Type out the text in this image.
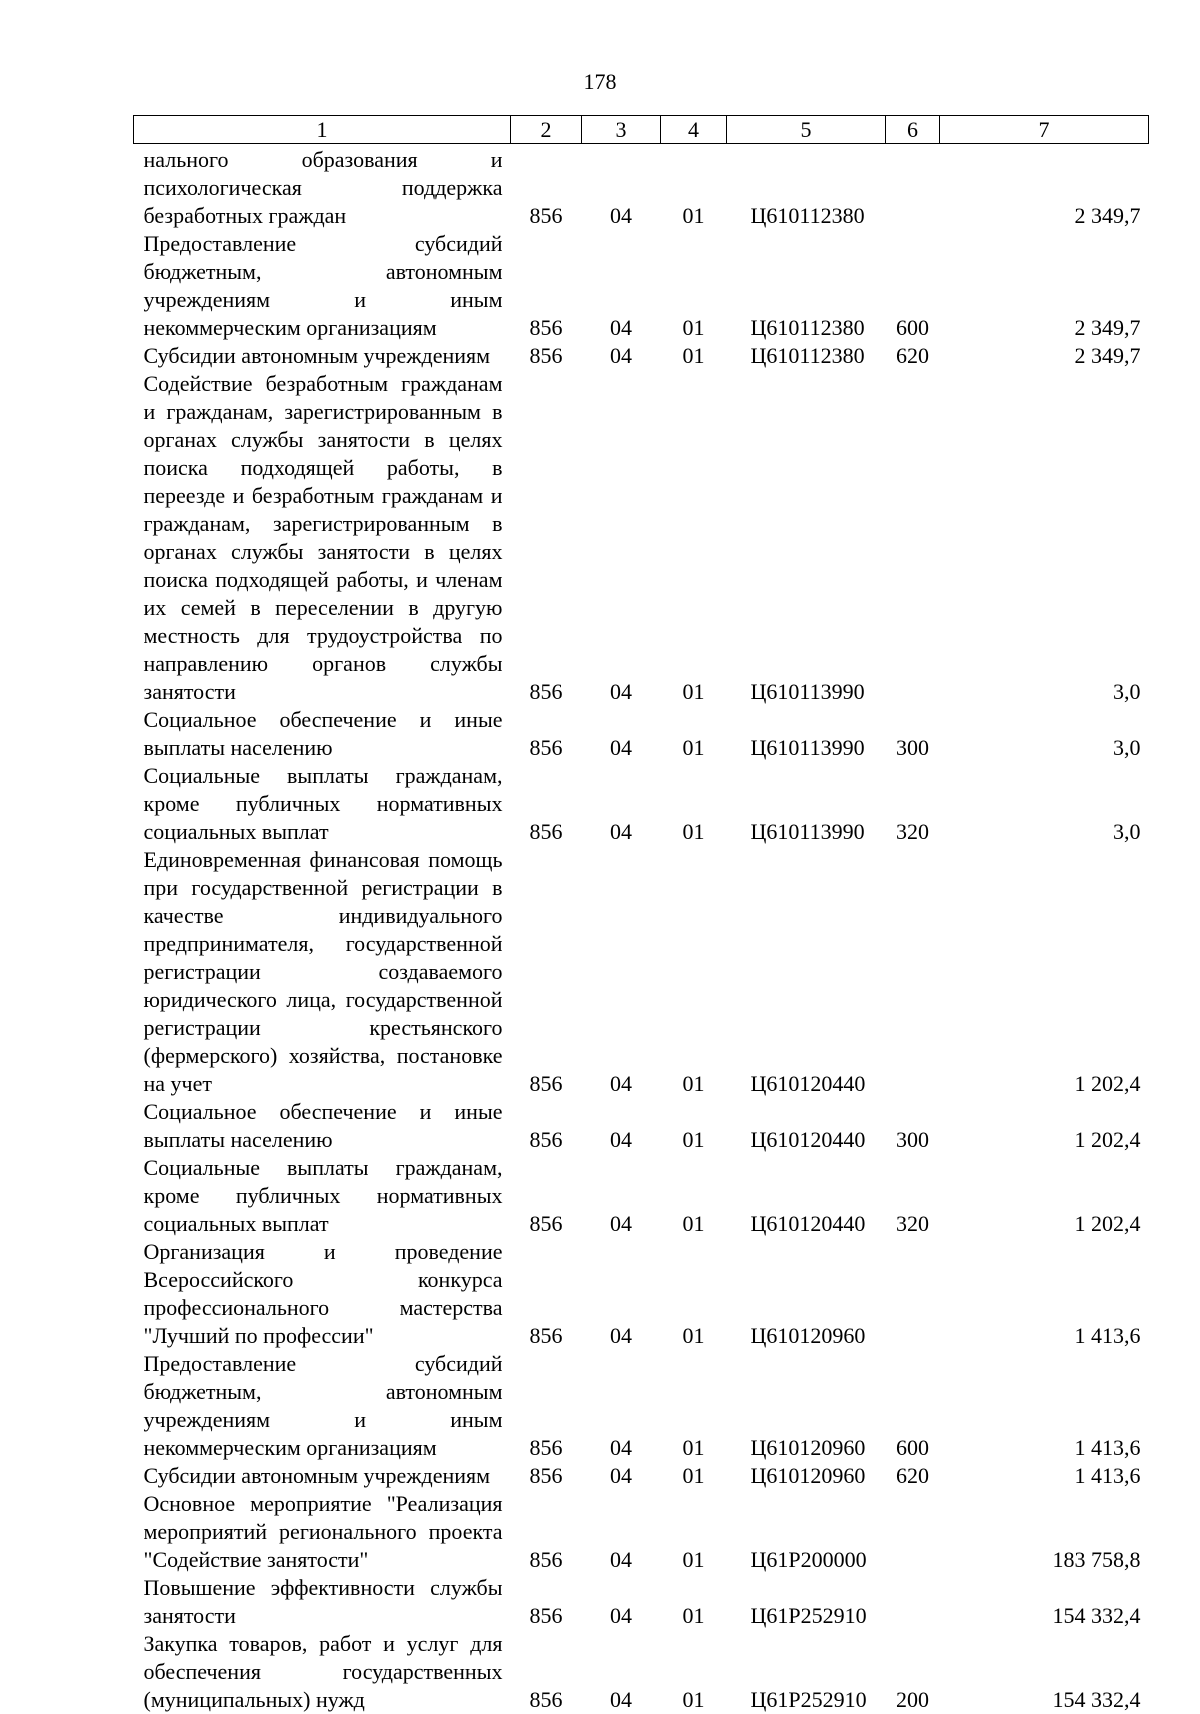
178
1	2	3	4	5	6	7
нального образования и психологическая поддержка безработных граждан	856	04	01	Ц610112380		2 349,7
Предоставление субсидий бюджетным, автономным учреждениям и иным некоммерческим организациям	856	04	01	Ц610112380	600	2 349,7
Субсидии автономным учреждениям	856	04	01	Ц610112380	620	2 349,7
Содействие безработным гражданам и гражданам, зарегистрированным в органах службы занятости в целях поиска подходящей работы, в переезде и безработным гражданам и гражданам, зарегистрированным в органах службы занятости в целях поиска подходящей работы, и членам их семей в переселении в другую местность для трудоустройства по направлению органов службы занятости	856	04	01	Ц610113990		3,0
Социальное обеспечение и иные выплаты населению	856	04	01	Ц610113990	300	3,0
Социальные выплаты гражданам, кроме публичных нормативных социальных выплат	856	04	01	Ц610113990	320	3,0
Единовременная финансовая помощь при государственной регистрации в качестве индивидуального предпринимателя, государственной регистрации создаваемого юридического лица, государственной регистрации крестьянского (фермерского) хозяйства, постановке на учет	856	04	01	Ц610120440		1 202,4
Социальное обеспечение и иные выплаты населению	856	04	01	Ц610120440	300	1 202,4
Социальные выплаты гражданам, кроме публичных нормативных социальных выплат	856	04	01	Ц610120440	320	1 202,4
Организация и проведение Всероссийского конкурса профессионального мастерства "Лучший по профессии"	856	04	01	Ц610120960		1 413,6
Предоставление субсидий бюджетным, автономным учреждениям и иным некоммерческим организациям	856	04	01	Ц610120960	600	1 413,6
Субсидии автономным учреждениям	856	04	01	Ц610120960	620	1 413,6
Основное мероприятие "Реализация мероприятий регионального проекта "Содействие занятости"	856	04	01	Ц61Р200000		183 758,8
Повышение эффективности службы занятости	856	04	01	Ц61Р252910		154 332,4
Закупка товаров, работ и услуг для обеспечения государственных (муниципальных) нужд	856	04	01	Ц61Р252910	200	154 332,4
